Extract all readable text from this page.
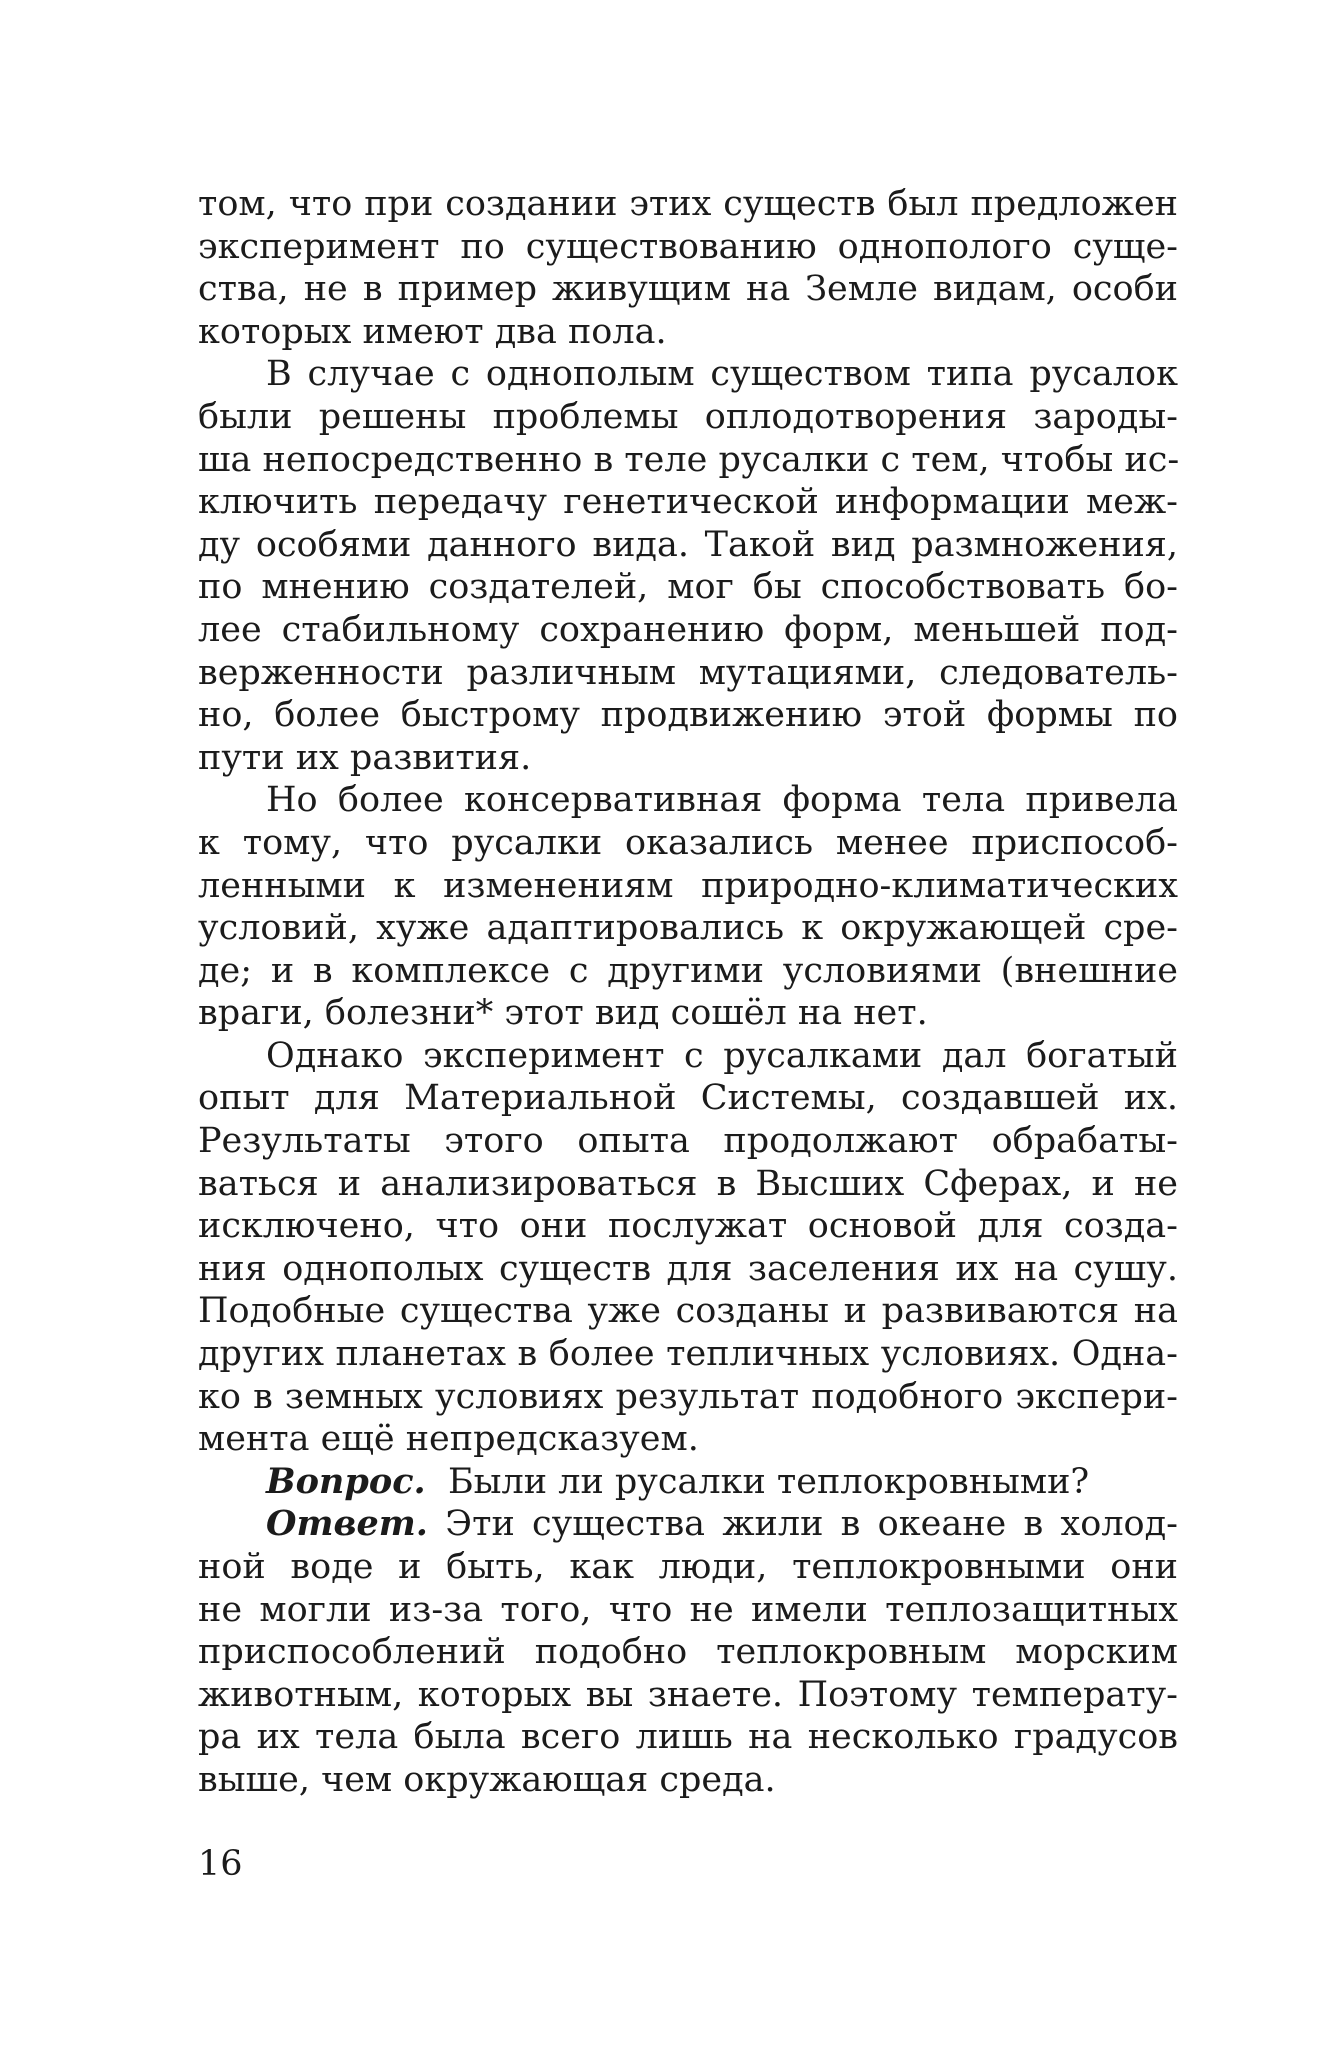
том, что при создании этих существ был предложен
эксперимент по существованию однополого суще-
ства, не в пример живущим на Земле видам, особи
которых имеют два пола.
В случае с однополым существом типа русалок
были решены проблемы оплодотворения зароды-
ша непосредственно в теле русалки с тем, чтобы ис-
ключить передачу генетической информации меж-
ду особями данного вида. Такой вид размножения,
по мнению создателей, мог бы способствовать бо-
лее стабильному сохранению форм, меньшей под-
верженности различным мутациями, следователь-
но, более быстрому продвижению этой формы по
пути их развития.
Но более консервативная форма тела привела
к тому, что русалки оказались менее приспособ-
ленными к изменениям природно-климатических
условий, хуже адаптировались к окружающей сре-
де; и в комплексе с другими условиями (внешние
враги, болезни* этот вид сошёл на нет.
Однако эксперимент с русалками дал богатый
опыт для Материальной Системы, создавшей их.
Результаты этого опыта продолжают обрабаты-
ваться и анализироваться в Высших Сферах, и не
исключено, что они послужат основой для созда-
ния однополых существ для заселения их на сушу.
Подобные существа уже созданы и развиваются на
других планетах в более тепличных условиях. Одна-
ко в земных условиях результат подобного экспери-
мента ещё непредсказуем.
Вопрос. Были ли русалки теплокровными?
Ответ. Эти существа жили в океане в холод-
ной воде и быть, как люди, теплокровными они
не могли из-за того, что не имели теплозащитных
приспособлений подобно теплокровным морским
животным, которых вы знаете. Поэтому температу-
ра их тела была всего лишь на несколько градусов
выше, чем окружающая среда.
16
